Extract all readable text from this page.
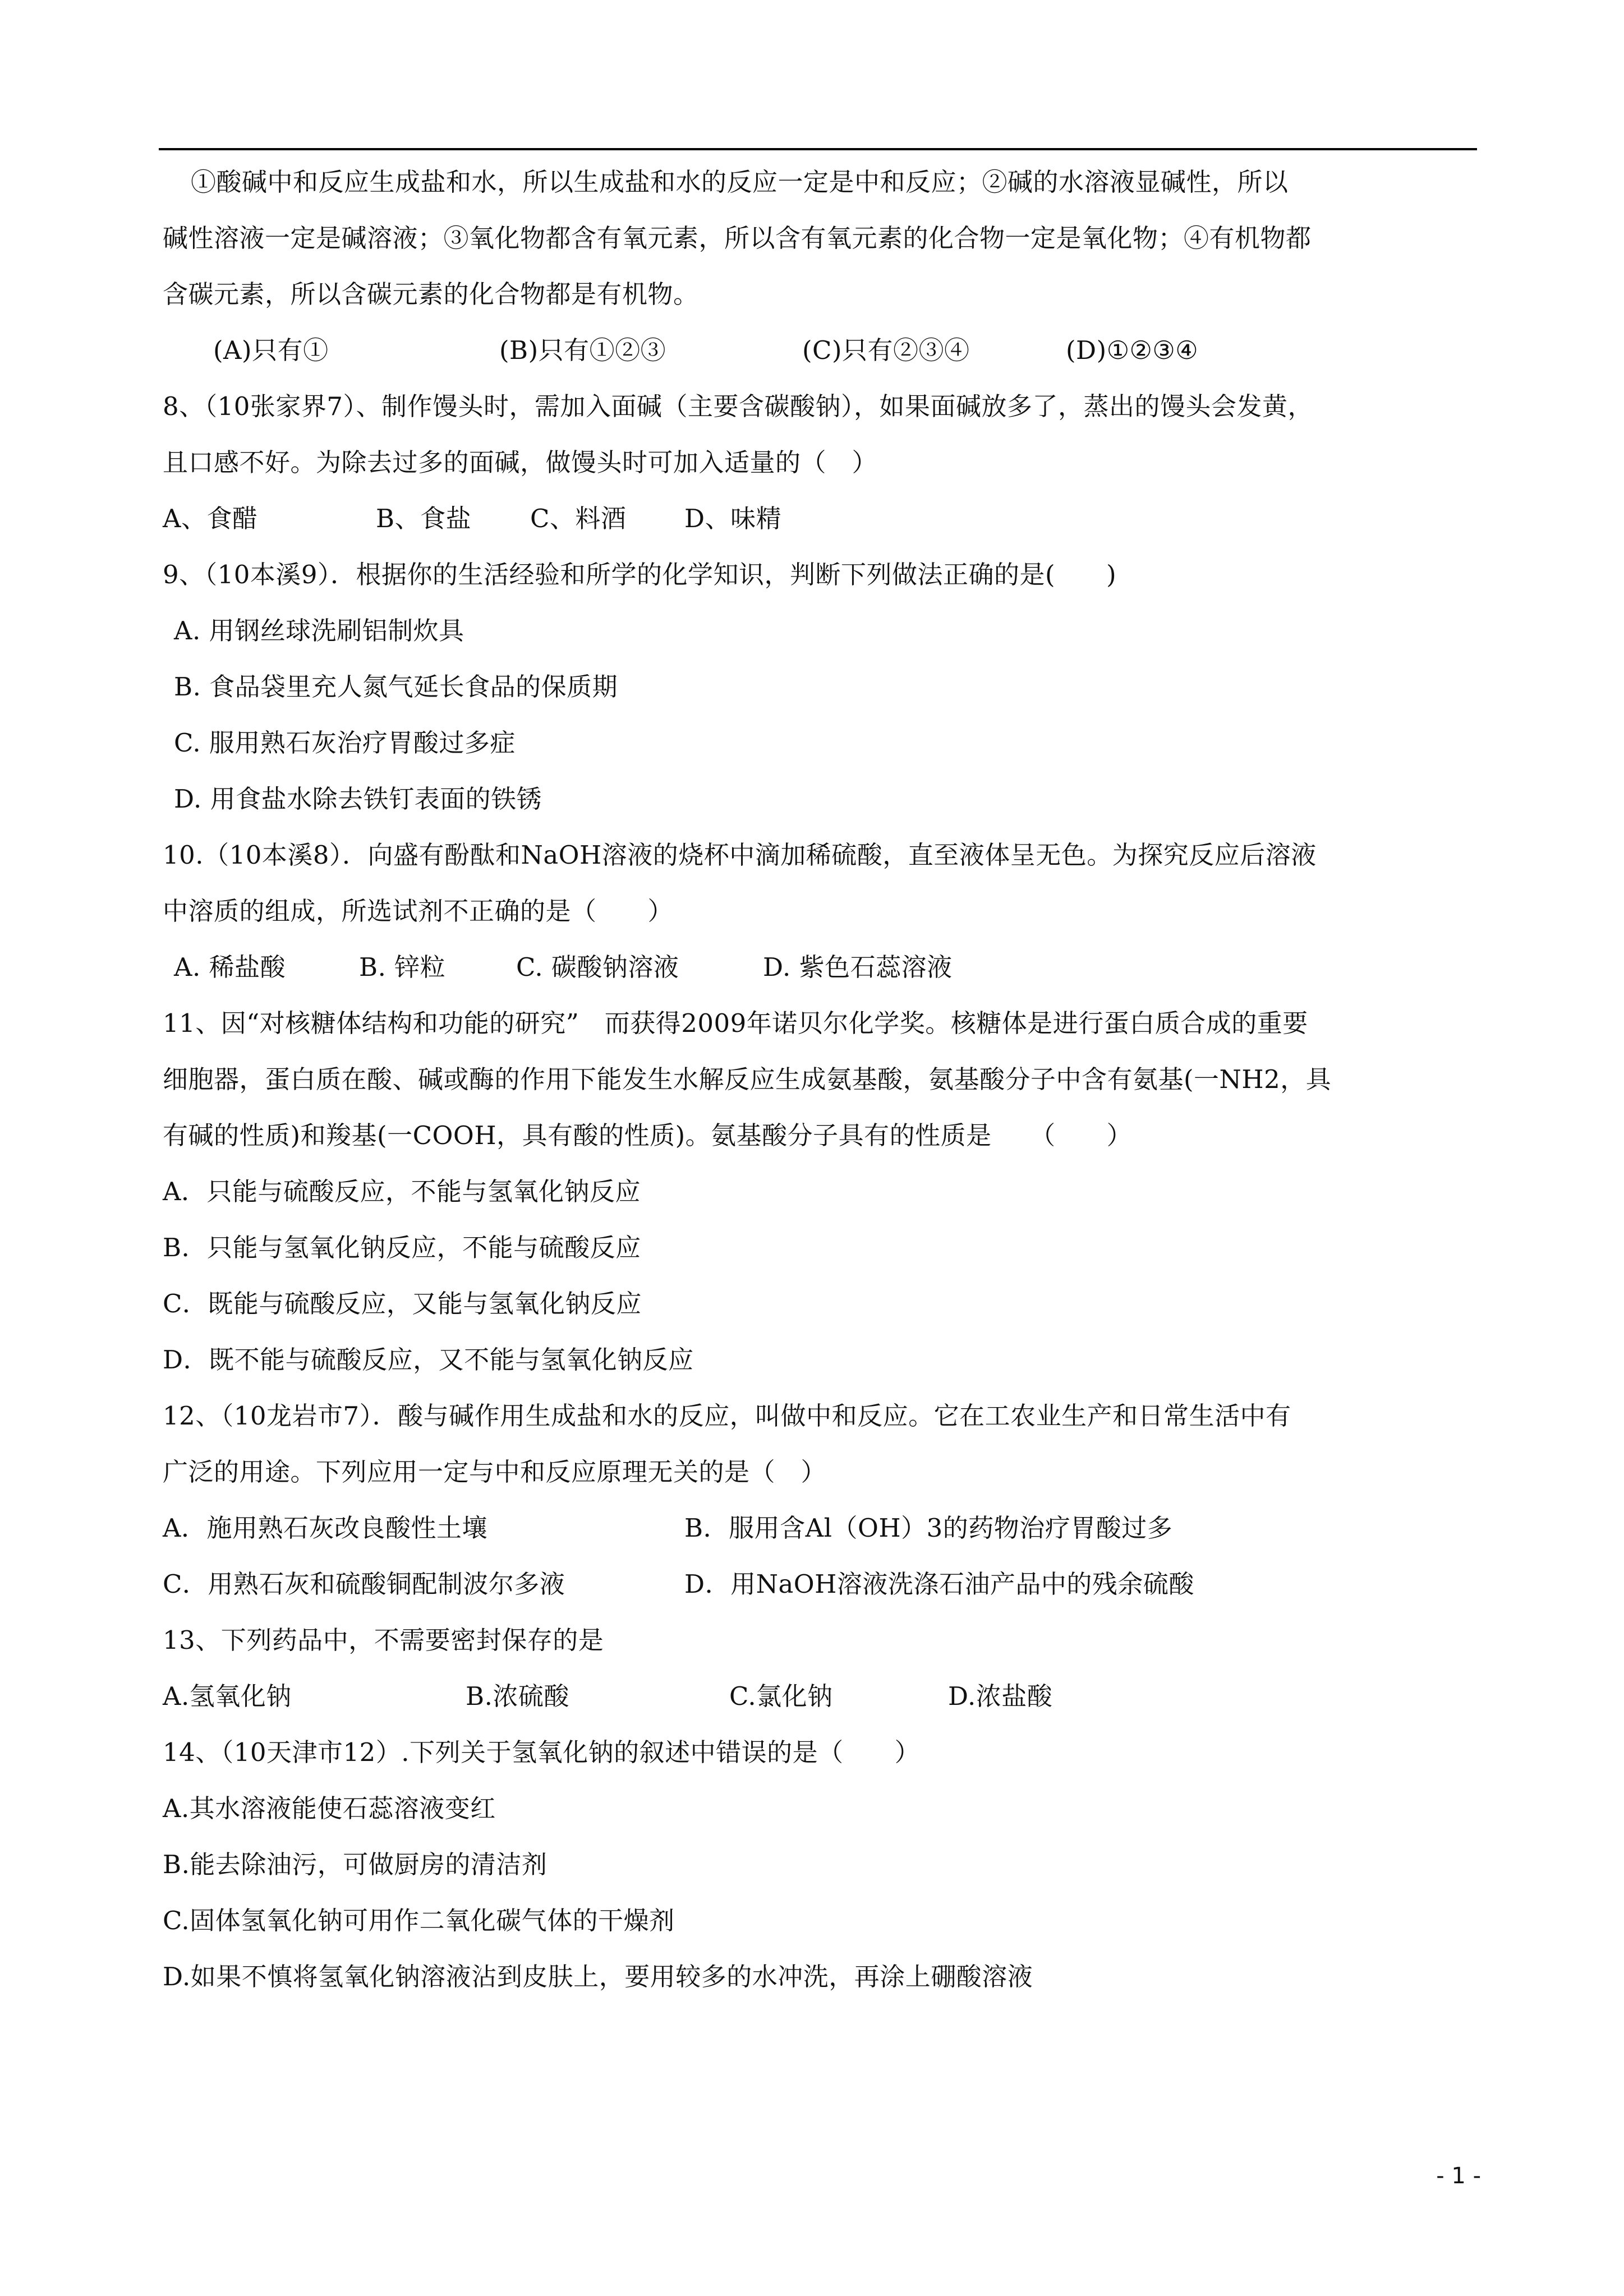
①酸碱中和反应生成盐和水，所以生成盐和水的反应一定是中和反应；②碱的水溶液显碱性，所以
碱性溶液一定是碱溶液；③氧化物都含有氧元素，所以含有氧元素的化合物一定是氧化物；④有机物都
含碳元素，所以含碳元素的化合物都是有机物。
(A)只有①	(B)只有①②③	(C)只有②③④	(D)①②③④
8、（10张家界7）、制作馒头时，需加入面碱（主要含碳酸钠），如果面碱放多了，蒸出的馒头会发黄，
且口感不好。为除去过多的面碱，做馒头时可加入适量的（　）
A、食醋	B、食盐	C、料酒	D、味精
9、（10本溪9）．根据你的生活经验和所学的化学知识，判断下列做法正确的是(　　)
A. 用钢丝球洗刷铝制炊具
B. 食品袋里充人氮气延长食品的保质期
C. 服用熟石灰治疗胃酸过多症
D. 用食盐水除去铁钉表面的铁锈
10.（10本溪8）．向盛有酚酞和NaOH溶液的烧杯中滴加稀硫酸，直至液体呈无色。为探究反应后溶液
中溶质的组成，所选试剂不正确的是（　　）
A. 稀盐酸	B. 锌粒	C. 碳酸钠溶液	D. 紫色石蕊溶液
11、因“对核糖体结构和功能的研究”　而获得2009年诺贝尔化学奖。核糖体是进行蛋白质合成的重要
细胞器，蛋白质在酸、碱或酶的作用下能发生水解反应生成氨基酸，氨基酸分子中含有氨基(一NH2，具
有碱的性质)和羧基(一COOH，具有酸的性质)。氨基酸分子具有的性质是　　（　　）
A．只能与硫酸反应，不能与氢氧化钠反应
B．只能与氢氧化钠反应，不能与硫酸反应
C．既能与硫酸反应，又能与氢氧化钠反应
D．既不能与硫酸反应，又不能与氢氧化钠反应
12、（10龙岩市7）．酸与碱作用生成盐和水的反应，叫做中和反应。它在工农业生产和日常生活中有
广泛的用途。下列应用一定与中和反应原理无关的是（　）
A．施用熟石灰改良酸性土壤	B．服用含Al（OH）3的药物治疗胃酸过多
C．用熟石灰和硫酸铜配制波尔多液	D．用NaOH溶液洗涤石油产品中的残余硫酸
13、下列药品中，不需要密封保存的是
A.氢氧化钠	B.浓硫酸	C.氯化钠	D.浓盐酸
14、（10天津市12）.下列关于氢氧化钠的叙述中错误的是（　　）
A.其水溶液能使石蕊溶液变红
B.能去除油污，可做厨房的清洁剂
C.固体氢氧化钠可用作二氧化碳气体的干燥剂
D.如果不慎将氢氧化钠溶液沾到皮肤上，要用较多的水冲洗，再涂上硼酸溶液
- 1 -
